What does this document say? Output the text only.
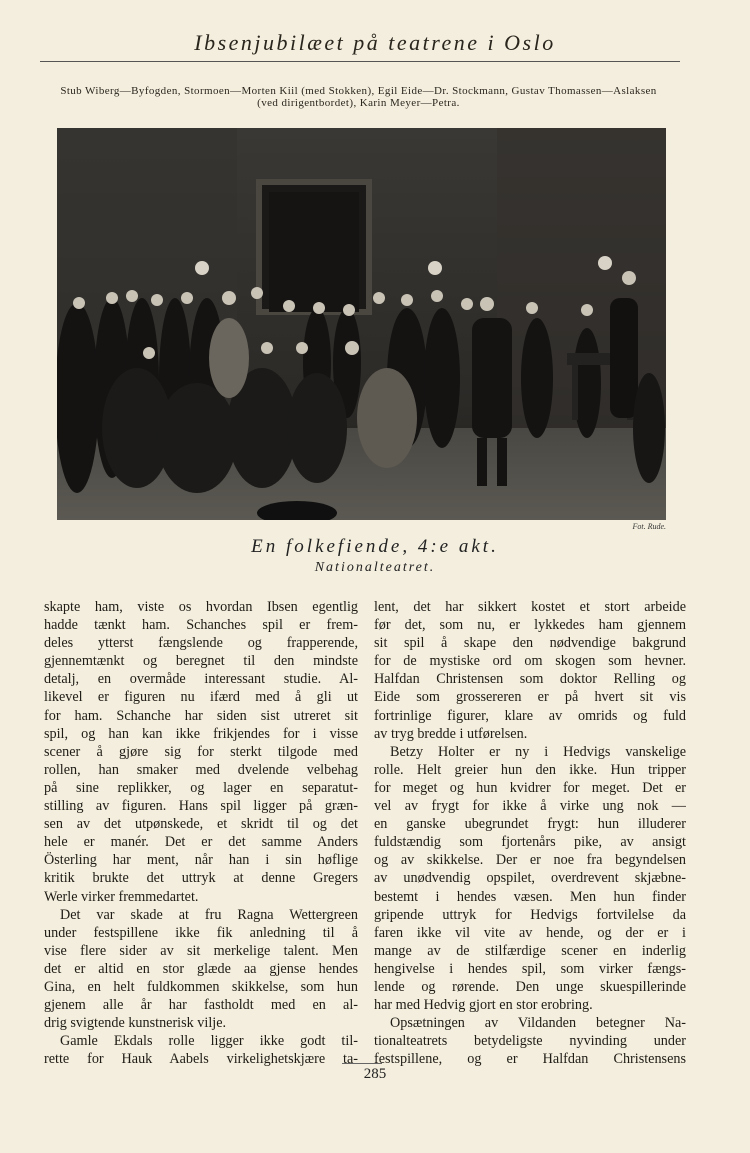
Ibsenjubilæet på teatrene i Oslo
Stub Wiberg—Byfogden, Stormoen—Morten Kiil (med Stokken), Egil Eide—Dr. Stockmann, Gustav Thomassen—Aslaksen
(ved dirigentbordet), Karin Meyer—Petra.
Fot. Rude.
En folkefiende, 4:e akt.
Nationalteatret.
skapte ham, viste os hvordan Ibsen egentlig
hadde tænkt ham. Schanches spil er frem-
deles ytterst fængslende og frapperende,
gjennemtænkt og beregnet til den mindste
detalj, en overmåde interessant studie. Al-
likevel er figuren nu ifærd med å gli ut
for ham. Schanche har siden sist utreret sit
spil, og han kan ikke frikjendes for i visse
scener å gjøre sig for sterkt tilgode med
rollen, han smaker med dvelende velbehag
på sine replikker, og lager en separatut-
stilling av figuren. Hans spil ligger på græn-
sen av det utpønskede, et skridt til og det
hele er manér. Det er det samme Anders
Österling har ment, når han i sin høflige
kritik brukte det uttryk at denne Gregers
Werle virker fremmedartet.
Det var skade at fru Ragna Wettergreen
under festspillene ikke fik anledning til å
vise flere sider av sit merkelige talent. Men
det er altid en stor glæde aa gjense hendes
Gina, en helt fuldkommen skikkelse, som hun
gjenem alle år har fastholdt med en al-
drig svigtende kunstnerisk vilje.
Gamle Ekdals rolle ligger ikke godt til-
rette for Hauk Aabels virkelighetskjære ta-
lent, det har sikkert kostet et stort arbeide
før det, som nu, er lykkedes ham gjennem
sit spil å skape den nødvendige bakgrund
for de mystiske ord om skogen som hevner.
Halfdan Christensen som doktor Relling og
Eide som grossereren er på hvert sit vis
fortrinlige figurer, klare av omrids og fuld
av tryg bredde i utførelsen.
Betzy Holter er ny i Hedvigs vanskelige
rolle. Helt greier hun den ikke. Hun tripper
for meget og hun kvidrer for meget. Det er
vel av frygt for ikke å virke ung nok —
en ganske ubegrundet frygt: hun illuderer
fuldstændig som fjortenårs pike, av ansigt
og av skikkelse. Der er noe fra begyndelsen
av unødvendig opspilet, overdrevent skjæbne-
bestemt i hendes væsen. Men hun finder
gripende uttryk for Hedvigs fortvilelse da
faren ikke vil vite av hende, og der er i
mange av de stilfærdige scener en inderlig
hengivelse i hendes spil, som virker fængs-
lende og rørende. Den unge skuespillerinde
har med Hedvig gjort en stor erobring.
Opsætningen av Vildanden betegner Na-
tionalteatrets betydeligste nyvinding under
festspillene, og er Halfdan Christensens
285
